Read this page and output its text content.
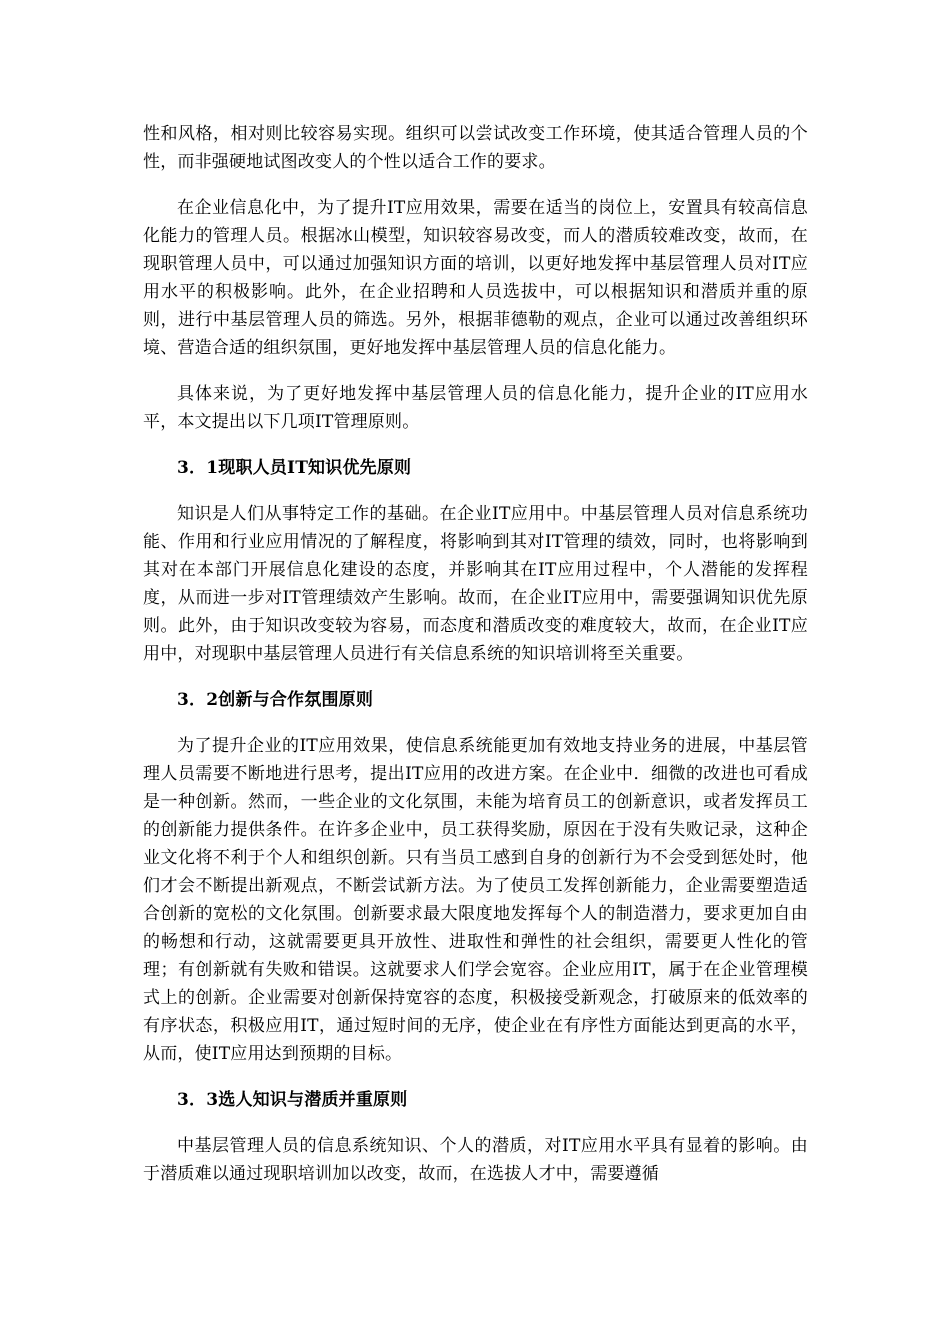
性和风格，相对则比较容易实现。组织可以尝试改变工作环境，使其适合管理人员的个性，而非强硬地试图改变人的个性以适合工作的要求。

在企业信息化中，为了提升IT应用效果，需要在适当的岗位上，安置具有较高信息化能力的管理人员。根据冰山模型，知识较容易改变，而人的潜质较难改变，故而，在现职管理人员中，可以通过加强知识方面的培训，以更好地发挥中基层管理人员对IT应用水平的积极影响。此外，在企业招聘和人员选拔中，可以根据知识和潜质并重的原则，进行中基层管理人员的筛选。另外，根据菲德勒的观点，企业可以通过改善组织环境、营造合适的组织氛围，更好地发挥中基层管理人员的信息化能力。

具体来说，为了更好地发挥中基层管理人员的信息化能力，提升企业的IT应用水平，本文提出以下几项IT管理原则。

3．1现职人员IT知识优先原则

知识是人们从事特定工作的基础。在企业IT应用中。中基层管理人员对信息系统功能、作用和行业应用情况的了解程度，将影响到其对IT管理的绩效，同时，也将影响到其对在本部门开展信息化建设的态度，并影响其在IT应用过程中，个人潜能的发挥程度，从而进一步对IT管理绩效产生影响。故而，在企业IT应用中，需要强调知识优先原则。此外，由于知识改变较为容易，而态度和潜质改变的难度较大，故而，在企业IT应用中，对现职中基层管理人员进行有关信息系统的知识培训将至关重要。

3．2创新与合作氛围原则

为了提升企业的IT应用效果，使信息系统能更加有效地支持业务的进展，中基层管理人员需要不断地进行思考，提出IT应用的改进方案。在企业中．细微的改进也可看成是一种创新。然而，一些企业的文化氛围，未能为培育员工的创新意识，或者发挥员工的创新能力提供条件。在许多企业中，员工获得奖励，原因在于没有失败记录，这种企业文化将不利于个人和组织创新。只有当员工感到自身的创新行为不会受到惩处时，他们才会不断提出新观点，不断尝试新方法。为了使员工发挥创新能力，企业需要塑造适合创新的宽松的文化氛围。创新要求最大限度地发挥每个人的制造潜力，要求更加自由的畅想和行动，这就需要更具开放性、进取性和弹性的社会组织，需要更人性化的管理；有创新就有失败和错误。这就要求人们学会宽容。企业应用IT，属于在企业管理模式上的创新。企业需要对创新保持宽容的态度，积极接受新观念，打破原来的低效率的有序状态，积极应用IT，通过短时间的无序，使企业在有序性方面能达到更高的水平，从而，使IT应用达到预期的目标。

3．3选人知识与潜质并重原则

中基层管理人员的信息系统知识、个人的潜质，对IT应用水平具有显着的影响。由于潜质难以通过现职培训加以改变，故而，在选拔人才中，需要遵循
